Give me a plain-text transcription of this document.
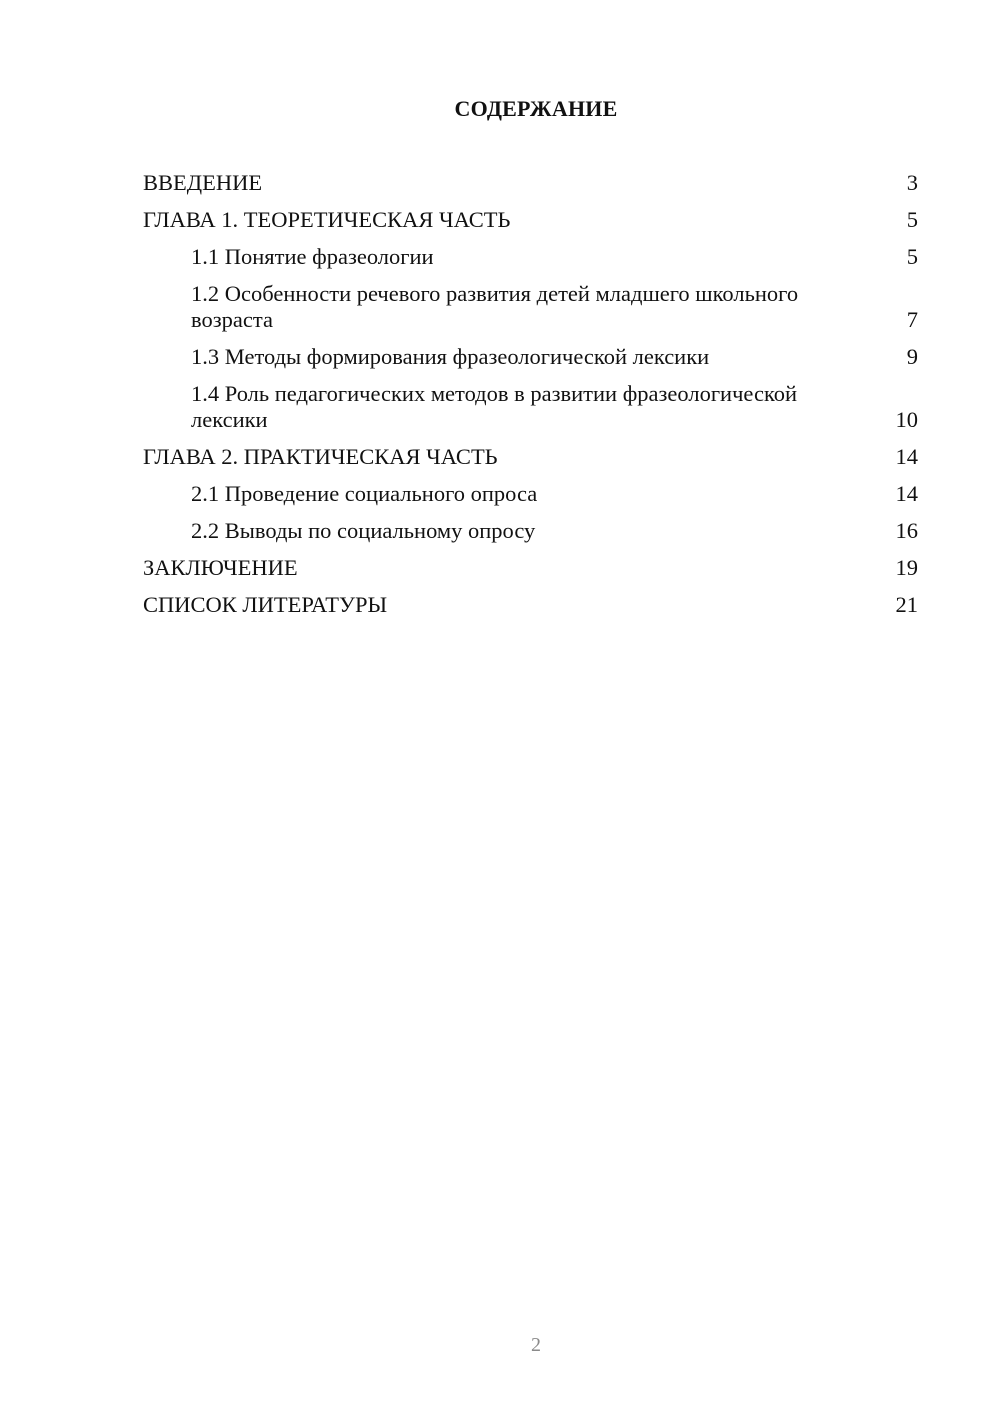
СОДЕРЖАНИЕ
ВВЕДЕНИЕ	3
ГЛАВА 1. ТЕОРЕТИЧЕСКАЯ ЧАСТЬ	5
1.1 Понятие фразеологии	5
1.2 Особенности речевого развития детей младшего школьного возраста	7
1.3 Методы формирования фразеологической лексики	9
1.4 Роль педагогических методов в развитии фразеологической лексики	10
ГЛАВА 2. ПРАКТИЧЕСКАЯ ЧАСТЬ	14
2.1 Проведение социального опроса	14
2.2 Выводы по социальному опросу	16
ЗАКЛЮЧЕНИЕ	19
СПИСОК ЛИТЕРАТУРЫ	21
2
